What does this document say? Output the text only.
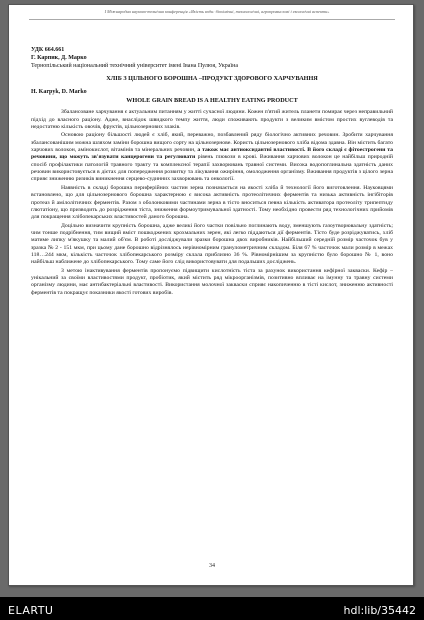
І Міжнародна науково-технічна конференція «Якість води: біохімічні, технологічні, агропромислові і екологічні аспекти»
УДК 664.661
Г. Карпик, Д. Марко
Тернопільський національний технічний університет імені Івана Пулюя, Україна
ХЛІБ З ЦІЛЬНОГО БОРОШНА –ПРОДУКТ ЗДОРОВОГО ХАРЧУВАННЯ
H. Karpyk, D. Marko
WHOLE GRAIN BREAD IS A HEALTHY EATING PRODUCT

Збалансоване харчування є актуальним питанням у житті сучасної людини. Кожен п'ятий житель планети помирає через неправильний підхід до власного раціону. Адже, внаслідок швидкого темпу життя, люди споживають продукти з великим вмістом простих вуглеводів та недостатню кількість овочів, фруктів, цільнозернових злаків.

Основою раціону більшості людей є хліб, який, переважно, позбавлений ряду біологічно активних речовин. Зробити харчування збалансованішим можна шляхом заміни борошна вищого сорту на цільнозернове. Користь цільнозернового хліба відома здавна. Він містить багато харчових волокон, амінокислот, вітамінів та мінеральних речовин, а також має антиоксидантні властивості. В його складі є фітоестрогени та речовини, що можуть зв'язувати канцерогени та регулювати рівень глюкози в крові. Вживання харчових волокон це найбільш природній спосіб профілактики патологій травного тракту та комплексної терапії захворювань травної системи. Висока водопоглинальна здатність даних речовин використовується в дієтах для попередження розвитку та лікування ожиріння, омолодження організму. Вживання продуктів з цілого зерна сприяє зниженню ризиків виникнення серцево-судинних захворювань та онкології.

Наявність в складі борошна периферійних частин зерна позначається на якості хліба й технології його виготовлення. Науковцями встановлено, що для цільнозернового борошна характерною є висока активність протеолітичних ферментів та низька активність інгібіторів протеаз й амілолітичних ферментів. Разом з оболонковими частинами зерна в тісто вноситься певна кількість активатора протеоліту трипептиду глютатіону, що призводить до розрідження тіста, зниження формоутримувальної здатності. Тому необхідно провести ряд технологічних прийомів для покращення хлібопекарських властивостей даного борошна.

Доцільно визначити крупність борошна, адже великі його частки повільно поглинають воду, зменшують газоутворювальну здатність; чим тонше подрібнення, тим вищий вміст пошкоджених крохмальних зерен, які легко піддаються дії ферментів. Тісто буде розріджуватись, хліб матиме липку м'якушку та малий об'єм. В роботі досліджували зразки борошна двох виробників. Найбільший середній розмір часточок був у зразка № 2 - 151 мкм, при цьому дане борошно відрізнялось нерівномірним гранулометричним складом. Біля 67 % часточок мали розмір в межах 118…244 мкм, кількість часточок хлібопекарського розміру склала приблизно 36 %. Рівномірнішим за крупністю було борошно № 1, воно найбільш наближене до хлібопекарського. Тому саме його слід використовувати для подальших досліджень.

З метою інактивування ферментів пропонуємо підвищити кислотність тіста за рахунок використання кефірної закваски. Кефір – унікальний за своїми властивостями продукт, пробіотик, який містить ряд мікроорганізмів, позитивно впливає на імунну та травну системи організму людини, має антибактеріальні властивості. Використання молочної закваски сприяє накопиченню в тісті кислот, зниженню активності ферментів та покращує показники якості готових виробів.

34
ELARTU	hdl:lib/35442
